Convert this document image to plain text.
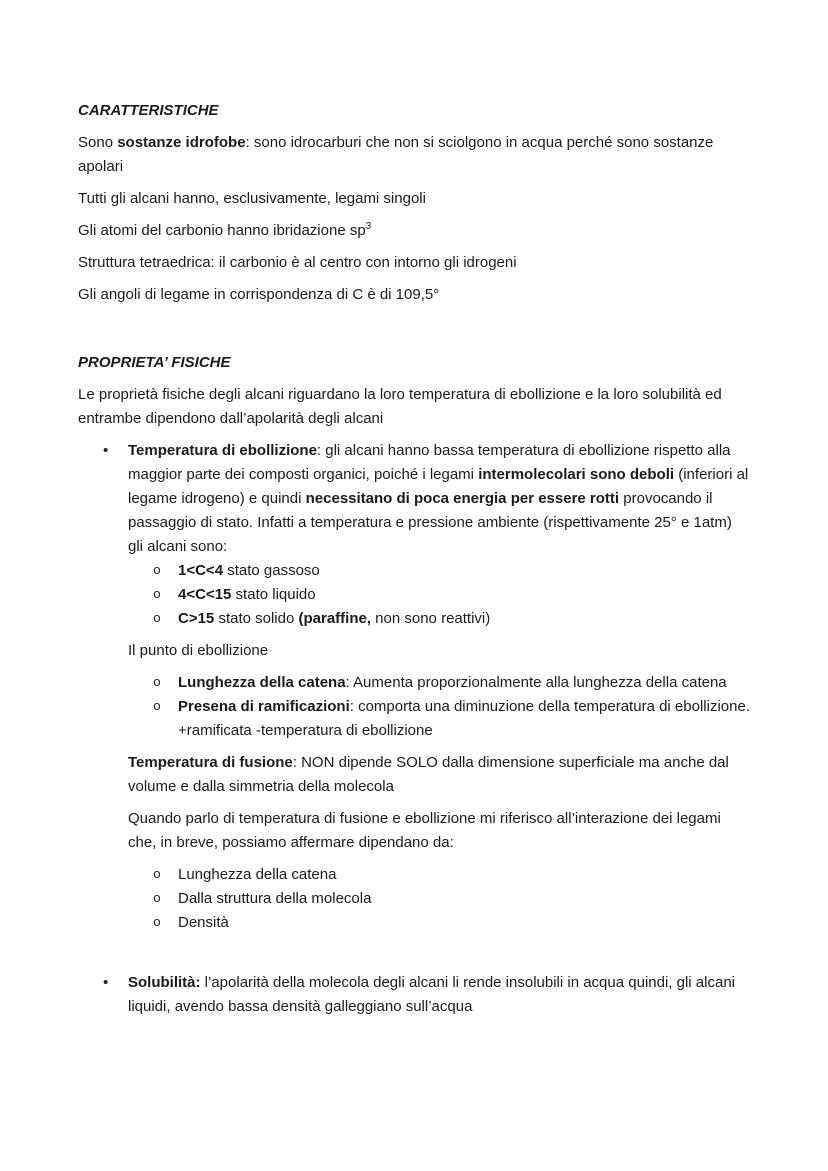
CARATTERISTICHE

Sono sostanze idrofobe: sono idrocarburi che non si sciolgono in acqua perché sono sostanze apolari

Tutti gli alcani hanno, esclusivamente, legami singoli

Gli atomi del carbonio hanno ibridazione $sp^3$

Struttura tetraedrica: il carbonio è al centro con intorno gli idrogeni

Gli angoli di legame in corrispondenza di C è di 109,5°

PROPRIETA’ FISICHE

Le proprietà fisiche degli alcani riguardano la loro temperatura di ebollizione e la loro solubilità ed entrambe dipendono dall’apolarità degli alcani

•	Temperatura di ebollizione: gli alcani hanno bassa temperatura di ebollizione rispetto alla maggior parte dei composti organici, poiché i legami intermolecolari sono deboli (inferiori al legame idrogeno) e quindi necessitano di poca energia per essere rotti provocando il passaggio di stato. Infatti a temperatura e pressione ambiente (rispettivamente 25° e 1atm) gli alcani sono:
o	1<C<4 stato gassoso
o	4<C<15 stato liquido
o	C>15 stato solido (paraffine, non sono reattivi)

Il punto di ebollizione

o	Lunghezza della catena: Aumenta proporzionalmente alla lunghezza della catena
o	Presena di ramificazioni: comporta una diminuzione della temperatura di ebollizione. +ramificata -temperatura di ebollizione

Temperatura di fusione: NON dipende SOLO dalla dimensione superficiale ma anche dal volume e dalla simmetria della molecola

Quando parlo di temperatura di fusione e ebollizione mi riferisco all’interazione dei legami che, in breve, possiamo affermare dipendano da:

o	Lunghezza della catena
o	Dalla struttura della molecola
o	Densità
•	Solubilità: l’apolarità della molecola degli alcani li rende insolubili in acqua quindi, gli alcani liquidi, avendo bassa densità galleggiano sull’acqua
